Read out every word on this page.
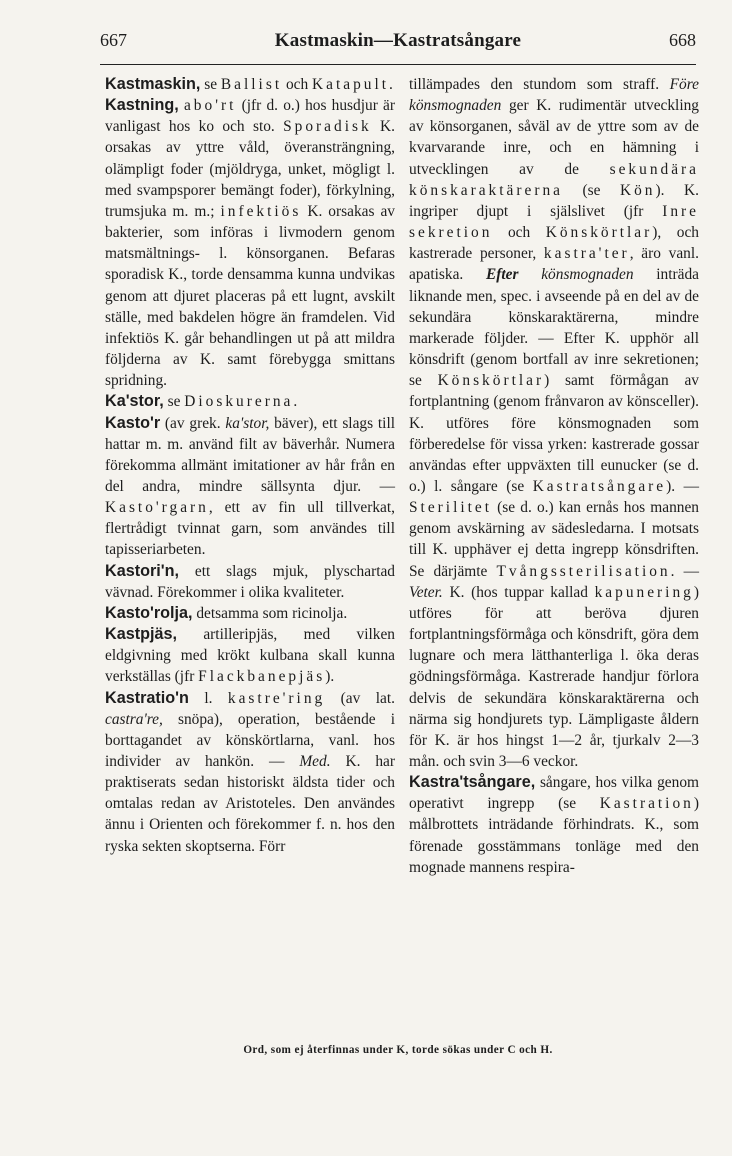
667	Kastmaskin—Kastratsångare	668

Kastmaskin, se Ballist och Katapult.

Kastning, abo'rt (jfr d. o.) hos husdjur är vanligast hos ko och sto. Sporadisk K. orsakas av yttre våld, överansträngning, olämpligt foder (mjöldryga, unket, mögligt l. med svampsporer bemängt foder), förkylning, trumsjuka m. m.; infektiös K. orsakas av bakterier, som införas i livmodern genom matsmältnings- l. könsorganen. Befaras sporadisk K., torde densamma kunna undvikas genom att djuret placeras på ett lugnt, avskilt ställe, med bakdelen högre än framdelen. Vid infektiös K. går behandlingen ut på att mildra följderna av K. samt förebygga smittans spridning.

Ka'stor, se Dioskurerna.

Kasto'r (av grek. ka'stor, bäver), ett slags till hattar m. m. använd filt av bäverhår. Numera förekomma allmänt imitationer av hår från en del andra, mindre sällsynta djur. — Kasto'rgarn, ett av fin ull tillverkat, flertrådigt tvinnat garn, som användes till tapisseriarbeten.

Kastori'n, ett slags mjuk, plyschartad vävnad. Förekommer i olika kvaliteter.

Kasto'rolja, detsamma som ricinolja.

Kastpjäs, artilleripjäs, med vilken eldgivning med krökt kulbana skall kunna verkställas (jfr Flackbanepjäs).

Kastratio'n l. kastre'ring (av lat. castra're, snöpa), operation, bestående i borttagandet av könskörtlarna, vanl. hos individer av hankön. — Med. K. har praktiserats sedan historiskt äldsta tider och omtalas redan av Aristoteles. Den användes ännu i Orienten och förekommer f. n. hos den ryska sekten skoptserna. Förr

tillämpades den stundom som straff. Före könsmognaden ger K. rudimentär utveckling av könsorganen, såväl av de yttre som av de kvarvarande inre, och en hämning i utvecklingen av de sekundära könskaraktärerna (se Kön). K. ingriper djupt i själslivet (jfr Inre sekretion och Könskörtlar), och kastrerade personer, kastra'ter, äro vanl. apatiska. Efter könsmognaden inträda liknande men, spec. i avseende på en del av de sekundära könskaraktärerna, mindre markerade följder. — Efter K. upphör all könsdrift (genom bortfall av inre sekretionen; se Könskörtlar) samt förmågan av fortplantning (genom frånvaron av könsceller). K. utföres före könsmognaden som förberedelse för vissa yrken: kastrerade gossar användas efter uppväxten till eunucker (se d. o.) l. sångare (se Kastratsångare). — Sterilitet (se d. o.) kan ernås hos mannen genom avskärning av sädesledarna. I motsats till K. upphäver ej detta ingrepp könsdriften. Se därjämte Tvångssterilisation. — Veter. K. (hos tuppar kallad kapunering) utföres för att beröva djuren fortplantningsförmåga och könsdrift, göra dem lugnare och mera lätthanterliga l. öka deras gödningsförmåga. Kastrerade handjur förlora delvis de sekundära könskaraktärerna och närma sig hondjurets typ. Lämpligaste åldern för K. är hos hingst 1—2 år, tjurkalv 2—3 mån. och svin 3—6 veckor.

Kastra'tsångare, sångare, hos vilka genom operativt ingrepp (se Kastration) målbrottets inträdande förhindrats. K., som förenade gosstämmans tonläge med den mognade mannens respira-

Ord, som ej återfinnas under K, torde sökas under C och H.
